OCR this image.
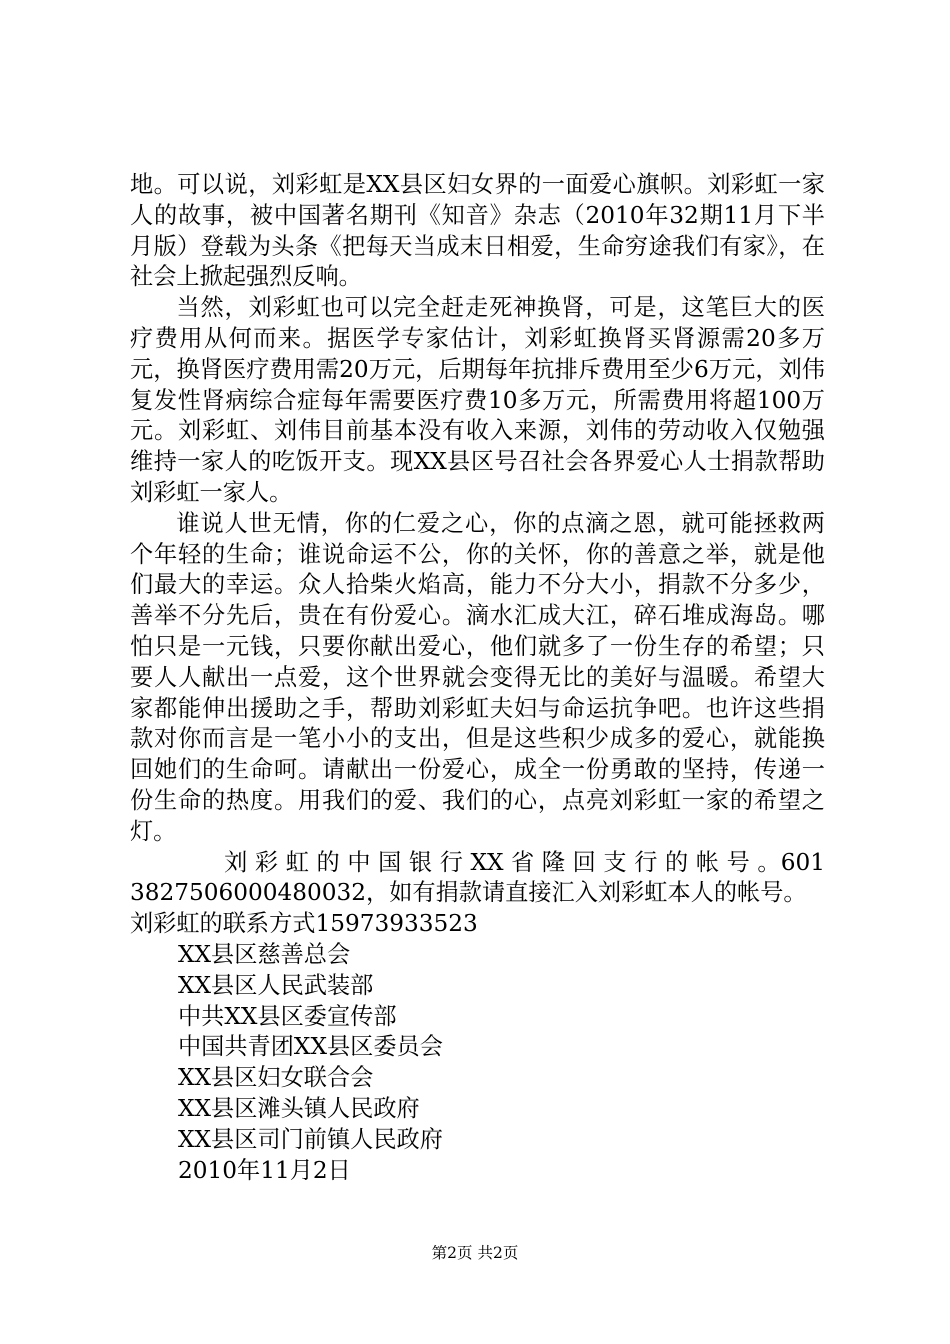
地。可以说，刘彩虹是XX县区妇女界的一面爱心旗帜。刘彩虹一家人的故事，被中国著名期刊《知音》杂志（2010年32期11月下半月版）登载为头条《把每天当成末日相爱，生命穷途我们有家》，在社会上掀起强烈反响。

当然，刘彩虹也可以完全赶走死神换肾，可是，这笔巨大的医疗费用从何而来。据医学专家估计，刘彩虹换肾买肾源需20多万元，换肾医疗费用需20万元，后期每年抗排斥费用至少6万元，刘伟复发性肾病综合症每年需要医疗费10多万元，所需费用将超100万元。刘彩虹、刘伟目前基本没有收入来源，刘伟的劳动收入仅勉强维持一家人的吃饭开支。现XX县区号召社会各界爱心人士捐款帮助刘彩虹一家人。

谁说人世无情，你的仁爱之心，你的点滴之恩，就可能拯救两个年轻的生命；谁说命运不公，你的关怀，你的善意之举，就是他们最大的幸运。众人拾柴火焰高，能力不分大小，捐款不分多少，善举不分先后，贵在有份爱心。滴水汇成大江，碎石堆成海岛。哪怕只是一元钱，只要你献出爱心，他们就多了一份生存的希望；只要人人献出一点爱，这个世界就会变得无比的美好与温暖。希望大家都能伸出援助之手，帮助刘彩虹夫妇与命运抗争吧。也许这些捐款对你而言是一笔小小的支出，但是这些积少成多的爱心，就能换回她们的生命呵。请献出一份爱心，成全一份勇敢的坚持，传递一份生命的热度。用我们的爱、我们的心，点亮刘彩虹一家的希望之灯。

刘 彩 虹 的 中 国 银 行 XX 省 隆 回 支 行 的 帐 号 。601382750600048003​2，如有捐款请直接汇入刘彩虹本人的帐号。

刘彩虹的联系方式15973933523

XX县区慈善总会
XX县区人民武装部
中共XX县区委宣传部
中国共青团XX县区委员会
XX县区妇女联合会
XX县区滩头镇人民政府
XX县区司门前镇人民政府
2010年11月2日
第2页 共2页
